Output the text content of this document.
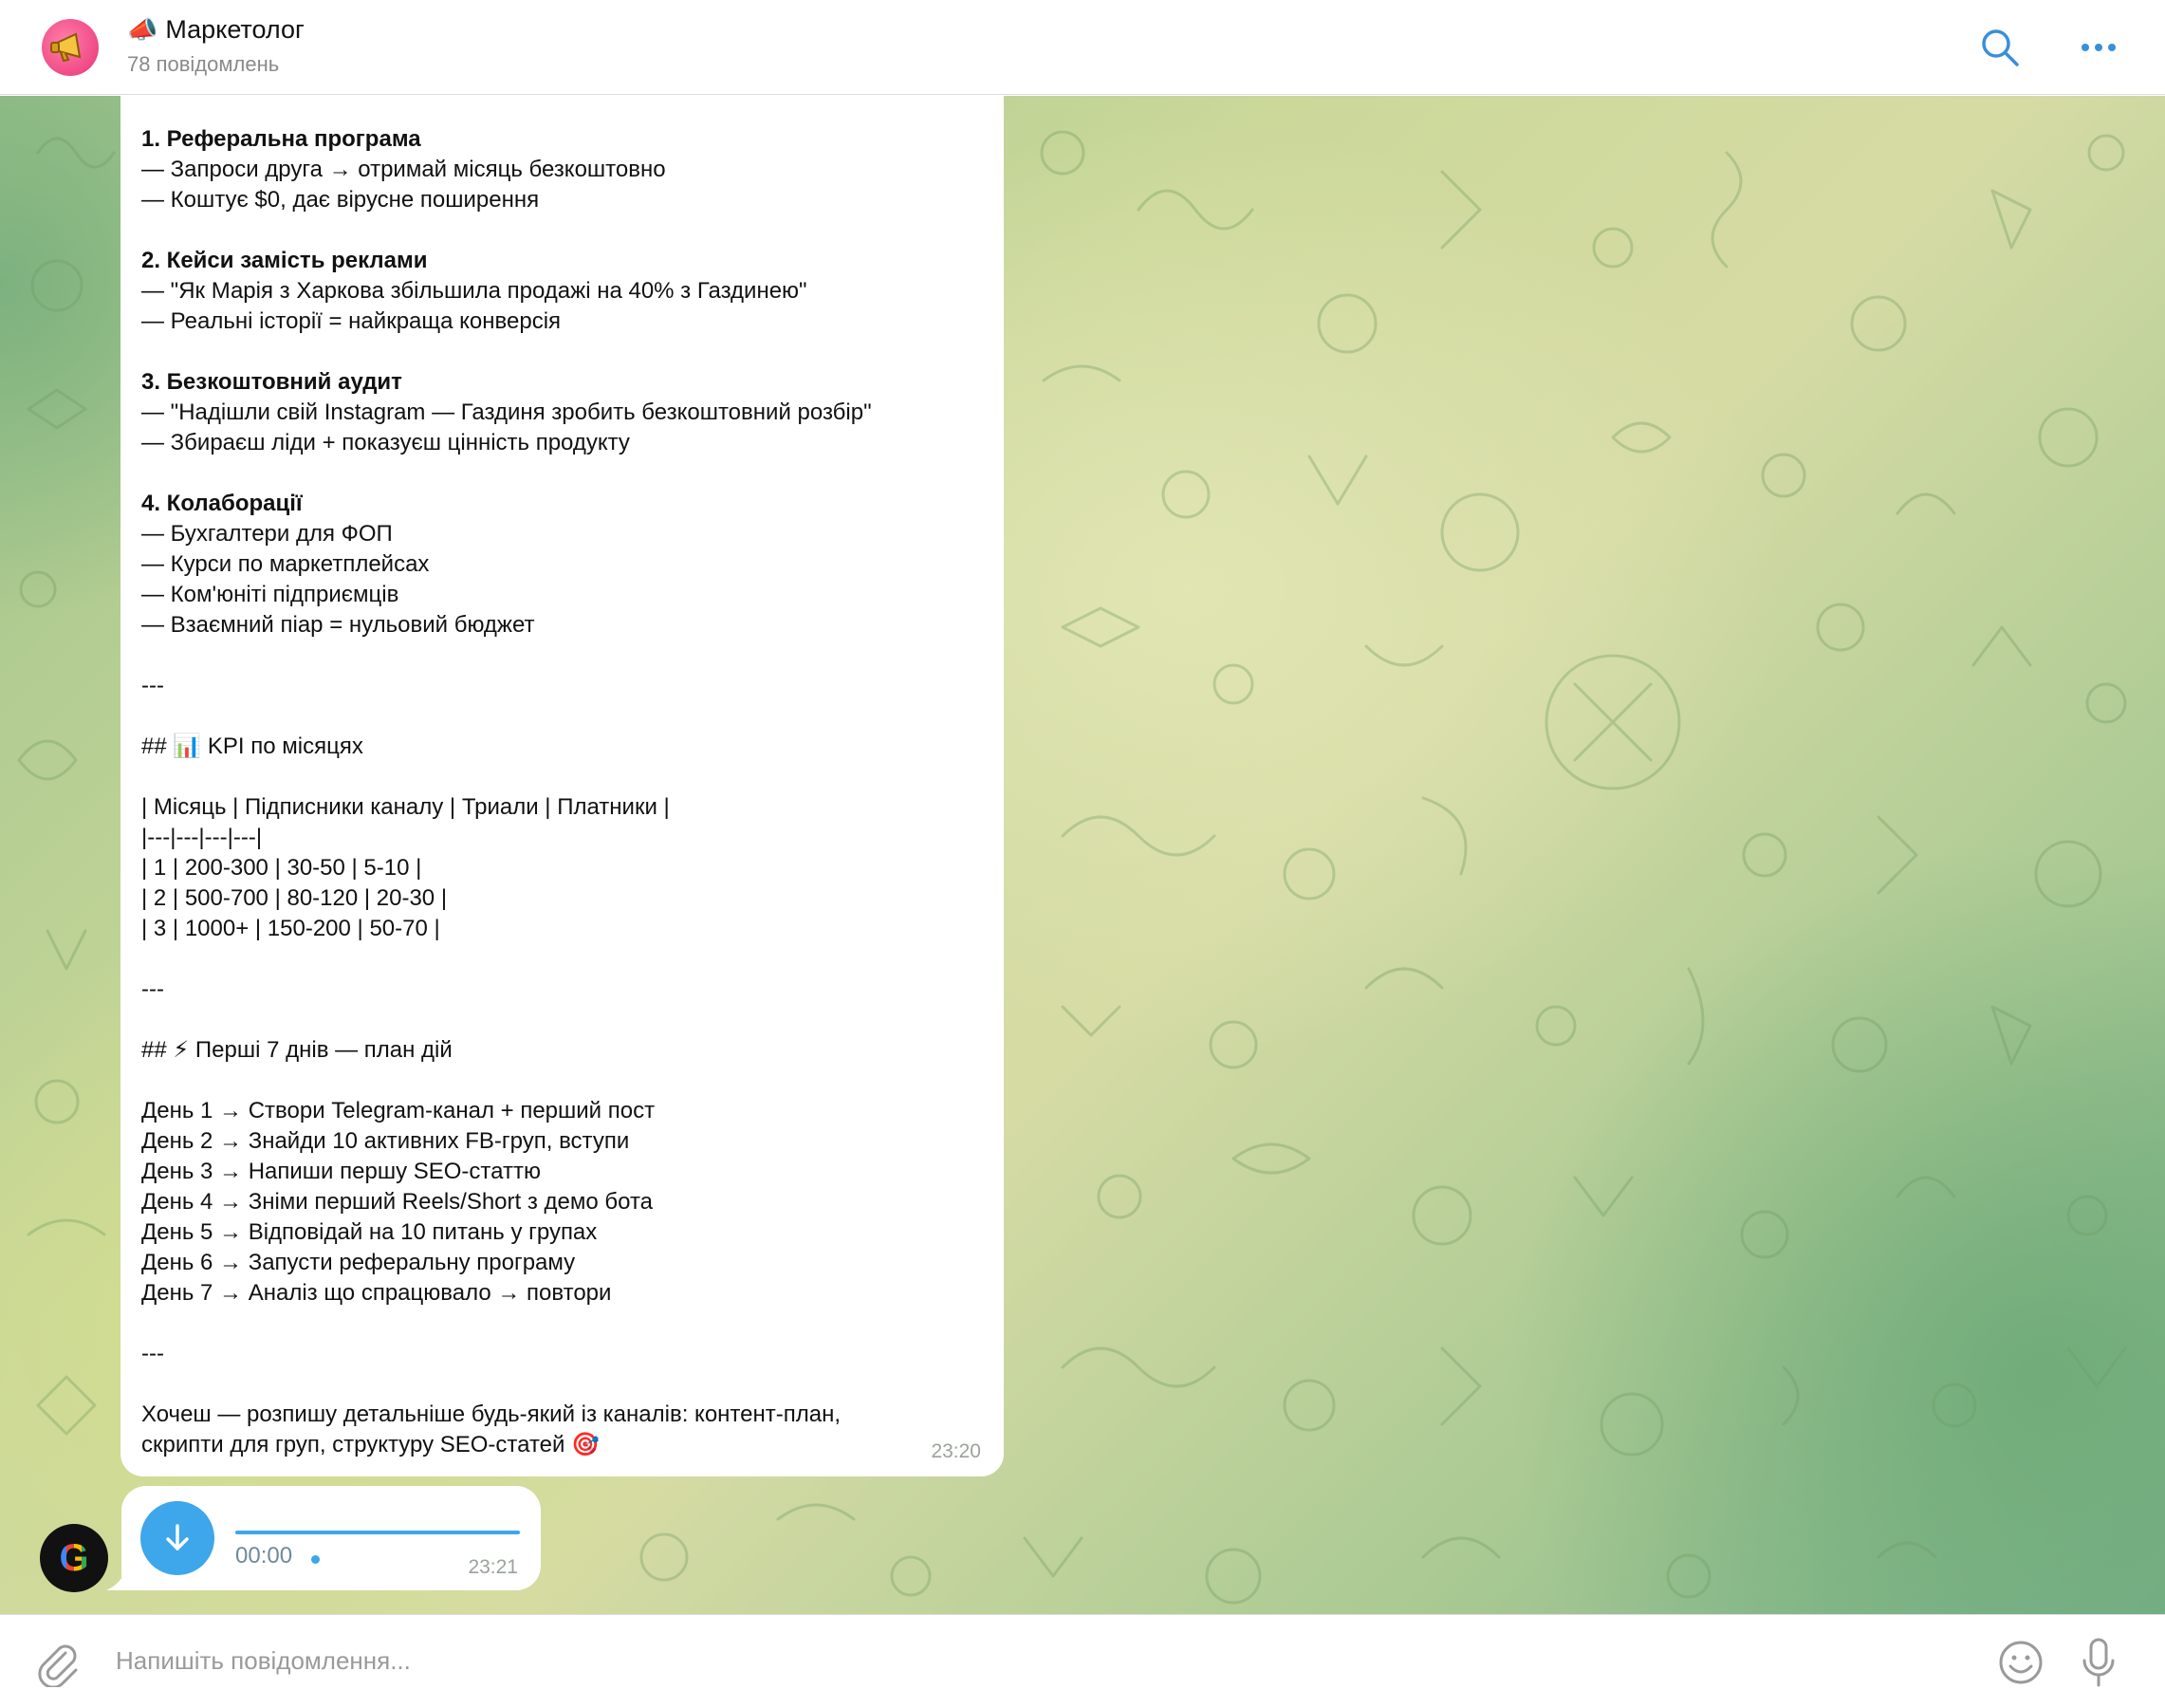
📣 Маркетолог
78 повідомлень
1. Реферальна програма
— Запроси друга → отримай місяць безкоштовно
— Коштує $0, дає вірусне поширення
2. Кейси замість реклами
— "Як Марія з Харкова збільшила продажі на 40% з Газдинею"
— Реальні історії = найкраща конверсія
3. Безкоштовний аудит
— "Надішли свій Instagram — Газдиня зробить безкоштовний розбір"
— Збираєш ліди + показуєш цінність продукту
4. Колаборації
— Бухгалтери для ФОП
— Курси по маркетплейсах
— Ком'юніті підприємців
— Взаємний піар = нульовий бюджет
---
## 📊 KPI по місяцях
| Місяць | Підписники каналу | Триали | Платники |
|---|---|---|---|
| 1 | 200-300 | 30-50 | 5-10 |
| 2 | 500-700 | 80-120 | 20-30 |
| 3 | 1000+ | 150-200 | 50-70 |
---
## ⚡ Перші 7 днів — план дій
День 1 → Створи Telegram-канал + перший пост
День 2 → Знайди 10 активних FB-груп, вступи
День 3 → Напиши першу SEO-статтю
День 4 → Зніми перший Reels/Short з демо бота
День 5 → Відповідай на 10 питань у групах
День 6 → Запусти реферальну програму
День 7 → Аналіз що спрацювало → повтори
---
Хочеш — розпишу детальніше будь-який із каналів: контент-план,
скрипти для груп, структуру SEO-статей 🎯	23:20
G	00:00	23:21
Напишіть повідомлення...
